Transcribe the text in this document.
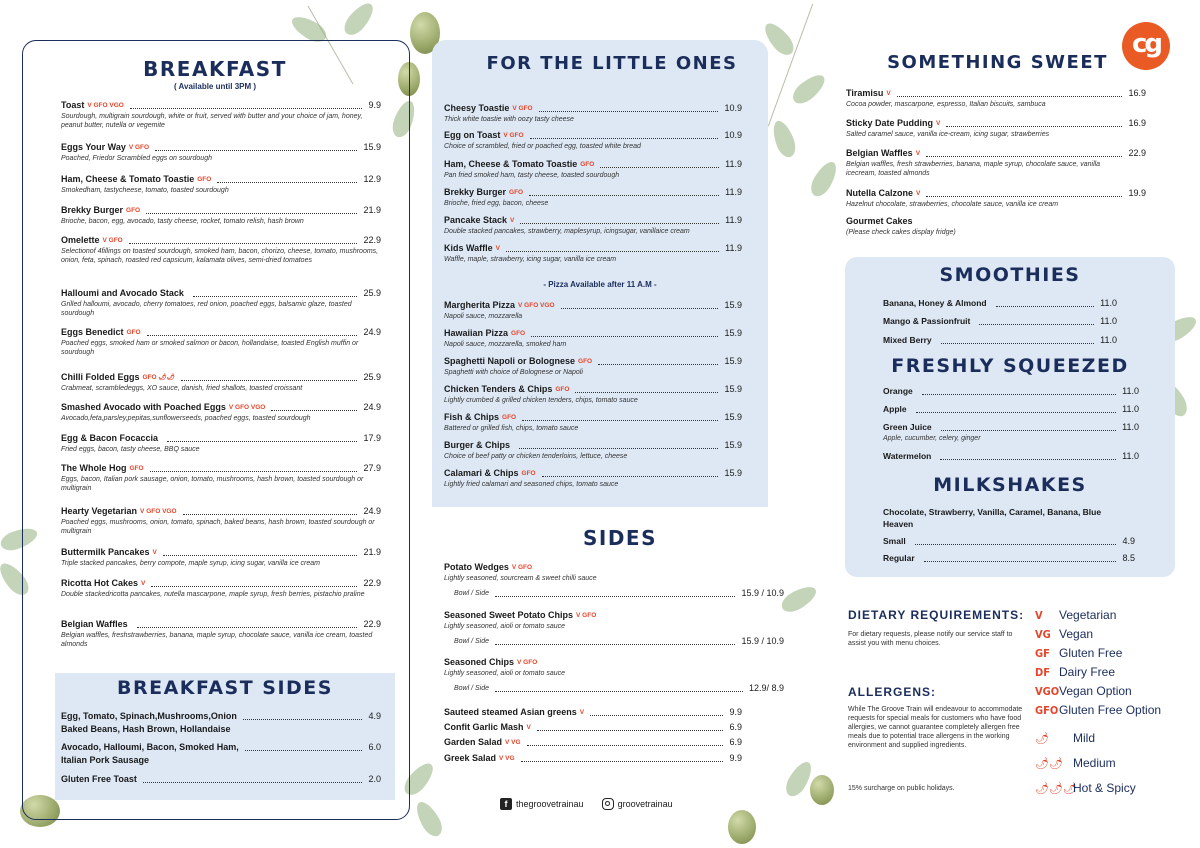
BREAKFAST
( Available until 3PM )
Toast V GFO VGO	9.9
Sourdough, multigrain sourdough, white or fruit, served with butter and your choice of jam, honey, peanut butter, nutella or vegemite
Eggs Your Way V GFO	15.9
Poached, Friedor Scrambled eggs on sourdough
Ham, Cheese & Tomato Toastie GFO	12.9
Smokedham, tastycheese, tomato, toasted sourdough
Brekky Burger GFO	21.9
Brioche, bacon, egg, avocado, tasty cheese, rocket, tomato relish, hash brown
Omelette V GFO	22.9
Selectionof 4fillings on toasted sourdough, smoked ham, bacon, chorizo, cheese, tomato, mushrooms, onion, feta, spinach, roasted red capsicum, kalamata olives, semi-dried tomatoes
Halloumi and Avocado Stack	25.9
Grilled halloumi, avocado, cherry tomatoes, red onion, poached eggs, balsamic glaze, toasted sourdough
Eggs Benedict GFO	24.9
Poached eggs, smoked ham or smoked salmon or bacon, hollandaise, toasted English muffin or sourdough
Chilli Folded Eggs GFO 🌶🌶	25.9
Crabmeat, scrambledeggs, XO sauce, danish, fried shallots, toasted croissant
Smashed Avocado with Poached Eggs V GFO VGO	24.9
Avocado,feta,parsley,pepitas,sunflowerseeds, poached eggs, toasted sourdough
Egg & Bacon Focaccia	17.9
Fried eggs, bacon, tasty cheese, BBQ sauce
The Whole Hog GFO	27.9
Eggs, bacon, Italian pork sausage, onion, tomato, mushrooms, hash brown, toasted sourdough or multigrain
Hearty Vegetarian V GFO VGO	24.9
Poached eggs, mushrooms, onion, tomato, spinach, baked beans, hash brown, toasted sourdough or multigrain
Buttermilk Pancakes V	21.9
Triple stacked pancakes, berry compote, maple syrup, icing sugar, vanilla ice cream
Ricotta Hot Cakes V	22.9
Double stackedricotta pancakes, nutella mascarpone, maple syrup, fresh berries, pistachio praline
Belgian Waffles	22.9
Belgian waffles, freshstrawberries, banana, maple syrup, chocolate sauce, vanilla ice cream, toasted almonds
BREAKFAST SIDES
Egg, Tomato, Spinach,Mushrooms,Onion	4.9
Baked Beans, Hash Brown, Hollandaise
Avocado, Halloumi, Bacon, Smoked Ham,	6.0
Italian Pork Sausage
Gluten Free Toast	2.0
FOR THE LITTLE ONES
Cheesy Toastie V GFO	10.9
Thick white toastie with oozy tasty cheese
Egg on Toast V GFO	10.9
Choice of scrambled, fried or poached egg, toasted white bread
Ham, Cheese & Tomato Toastie GFO	11.9
Pan fried smoked ham, tasty cheese, toasted sourdough
Brekky Burger GFO	11.9
Brioche, fried egg, bacon, cheese
Pancake Stack V	11.9
Double stacked pancakes, strawberry, maplesyrup, icingsugar, vanillaice cream
Kids Waffle V	11.9
Waffle, maple, strawberry, icing sugar, vanilla ice cream
Margherita Pizza V GFO VGO	15.9
Napoli sauce, mozzarella
Hawaiian Pizza GFO	15.9
Napoli sauce, mozzarella, smoked ham
Spaghetti Napoli or Bolognese GFO	15.9
Spaghetti with choice of Bolognese or Napoli
Chicken Tenders & Chips GFO	15.9
Lightly crumbed & grilled chicken tenders, chips, tomato sauce
Fish & Chips GFO	15.9
Battered or grilled fish, chips, tomato sauce
Burger & Chips	15.9
Choice of beef patty or chicken tenderloins, lettuce, cheese
Calamari & Chips GFO	15.9
Lightly fried calamari and seasoned chips, tomato sauce
- Pizza Available after 11 A.M -
SIDES
Potato Wedges V GFO
Lightly seasoned, sourcream & sweet chilli sauce
Bowl / Side	15.9 / 10.9
Seasoned Sweet Potato Chips V GFO
Lightly seasoned, aioli or tomato sauce
Bowl / Side	15.9 / 10.9
Seasoned Chips V GFO
Lightly seasoned, aioli or tomato sauce
Bowl / Side	12.9/ 8.9
Sauteed steamed Asian greens V	9.9
Confit Garlic Mash V	6.9
Garden Salad V VG	6.9
Greek Salad V VG	9.9
f thegroovetrainau	groovetrainau
cg
SOMETHING SWEET
Tiramisu V	16.9
Cocoa powder, mascarpone, espresso, Italian biscuits, sambuca
Sticky Date Pudding V	16.9
Salted caramel sauce, vanilla ice-cream, icing sugar, strawberries
Belgian Waffles V	22.9
Belgian waffles, fresh strawberries, banana, maple syrup, chocolate sauce, vanilla icecream, toasted almonds
Nutella Calzone V	19.9
Hazelnut chocolate, strawberries, chocolate sauce, vanilla ice cream
Gourmet Cakes
(Please check cakes display fridge)
SMOOTHIES
Banana, Honey & Almond	11.0
Mango & Passionfruit	11.0
Mixed Berry	11.0
FRESHLY SQUEEZED
Orange	11.0
Apple	11.0
Green Juice	11.0
Apple, cucumber, celery, ginger
Watermelon	11.0
MILKSHAKES
Chocolate, Strawberry, Vanilla, Caramel, Banana, Blue Heaven
Small	4.9
Regular	8.5
DIETARY REQUIREMENTS:
For dietary requests, please notify our service staff to assist you with menu choices.
ALLERGENS:
While The Groove Train will endeavour to accommodate requests for special meals for customers who have food allergies, we cannot guarantee completely allergen free meals due to potential trace allergens in the working environment and supplied ingredients.
15% surcharge on public holidays.
V Vegetarian
VG Vegan
GF Gluten Free
DF Dairy Free
VGOVegan Option
GFOGluten Free Option
🌶 Mild
🌶🌶 Medium
🌶🌶🌶Hot & Spicy
